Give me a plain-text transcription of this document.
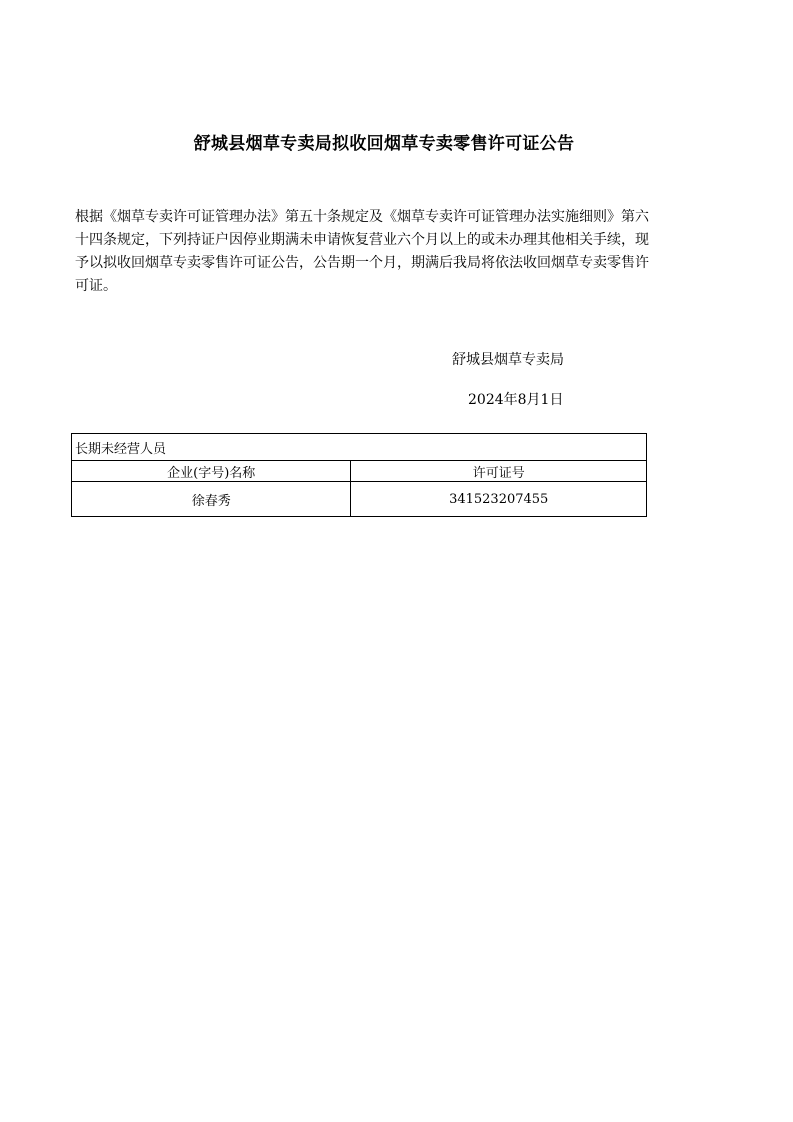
舒城县烟草专卖局拟收回烟草专卖零售许可证公告
根据《烟草专卖许可证管理办法》第五十条规定及《烟草专卖许可证管理办法实施细则》第六十四条规定，下列持证户因停业期满未申请恢复营业六个月以上的或未办理其他相关手续，现予以拟收回烟草专卖零售许可证公告，公告期一个月，期满后我局将依法收回烟草专卖零售许可证。
舒城县烟草专卖局
2024年8月1日
长期未经营人员	
企业(字号)名称	许可证号
徐春秀	341523207455
